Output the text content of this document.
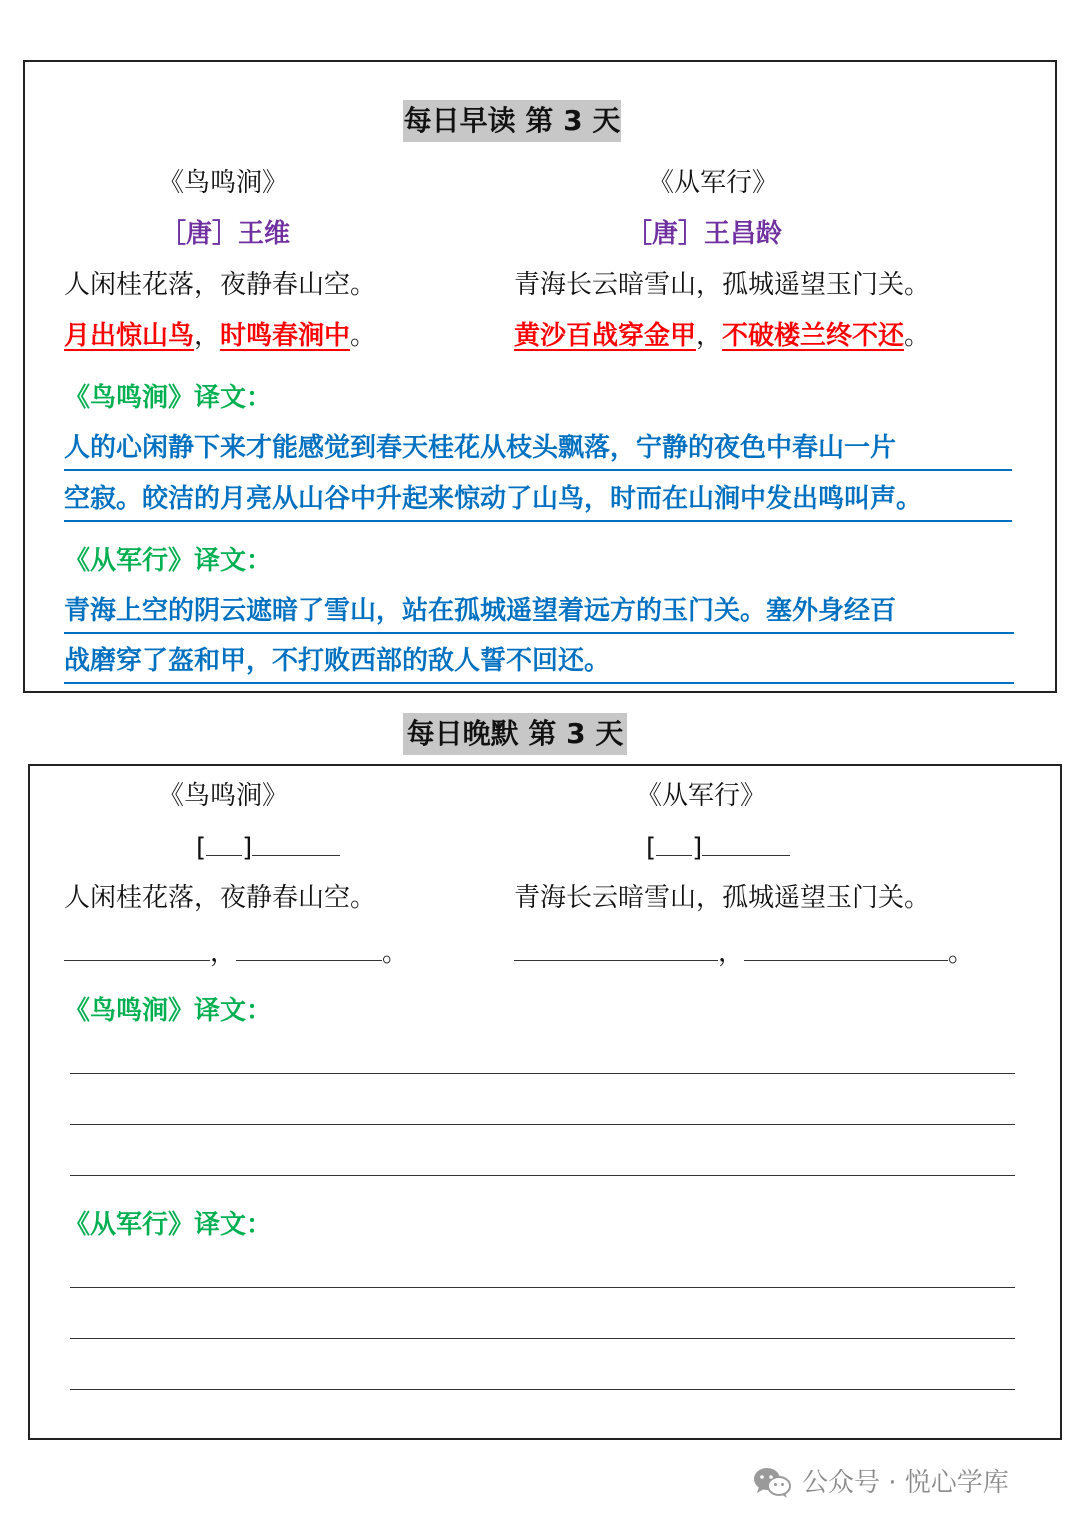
每日早读 第 3 天
《鸟鸣涧》	《从军行》
［唐］王维	［唐］王昌龄
人闲桂花落，夜静春山空。	青海长云暗雪山，孤城遥望玉门关。
月出惊山鸟，时鸣春涧中。	黄沙百战穿金甲，不破楼兰终不还。
《鸟鸣涧》译文：
人的心闲静下来才能感觉到春天桂花从枝头飘落，宁静的夜色中春山一片
空寂。皎洁的月亮从山谷中升起来惊动了山鸟，时而在山涧中发出鸣叫声。
《从军行》译文：
青海上空的阴云遮暗了雪山，站在孤城遥望着远方的玉门关。塞外身经百
战磨穿了盔和甲，不打败西部的敌人誓不回还。
每日晚默 第 3 天
《鸟鸣涧》	《从军行》
[ ]	[ ]
人闲桂花落，夜静春山空。	青海长云暗雪山，孤城遥望玉门关。
，	。	，	。
《鸟鸣涧》译文：
《从军行》译文：
公众号 · 悦心学库
